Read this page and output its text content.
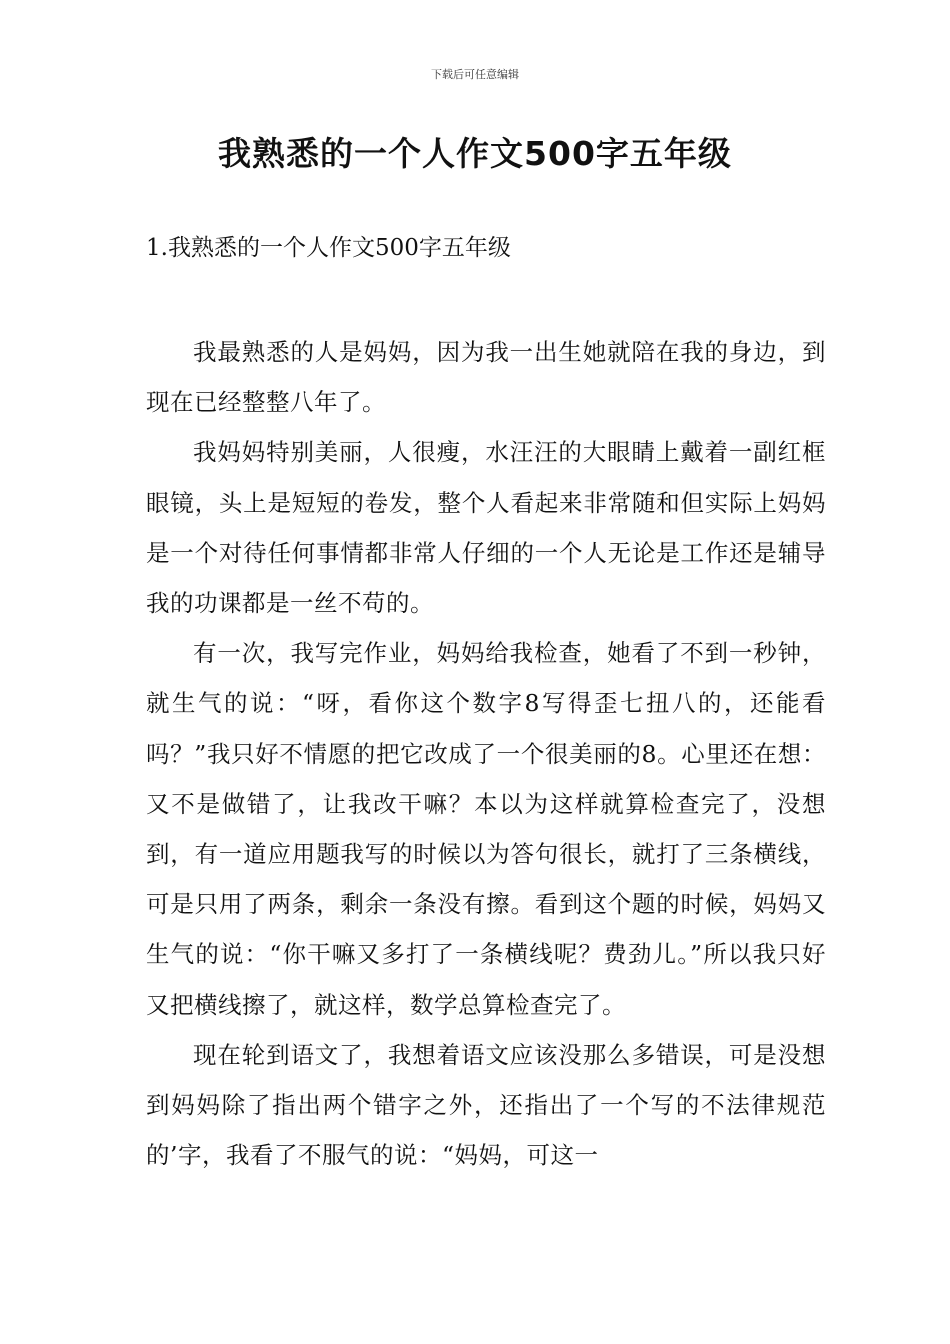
下载后可任意编辑
我熟悉的一个人作文500字五年级
1.我熟悉的一个人作文500字五年级

我最熟悉的人是妈妈，因为我一出生她就陪在我的身边，到现在已经整整八年了。

我妈妈特别美丽，人很瘦，水汪汪的大眼睛上戴着一副红框眼镜，头上是短短的卷发，整个人看起来非常随和但实际上妈妈是一个对待任何事情都非常人仔细的一个人无论是工作还是辅导我的功课都是一丝不苟的。

有一次，我写完作业，妈妈给我检查，她看了不到一秒钟，就生气的说：“呀，看你这个数字8写得歪七扭八的，还能看吗？”我只好不情愿的把它改成了一个很美丽的8。心里还在想：又不是做错了，让我改干嘛？本以为这样就算检查完了，没想到，有一道应用题我写的时候以为答句很长，就打了三条横线，可是只用了两条，剩余一条没有擦。看到这个题的时候，妈妈又生气的说：“你干嘛又多打了一条横线呢？费劲儿。”所以我只好又把横线擦了，就这样，数学总算检查完了。

现在轮到语文了，我想着语文应该没那么多错误，可是没想到妈妈除了指出两个错字之外，还指出了一个写的不法律规范的’字，我看了不服气的说：“妈妈，可这一
